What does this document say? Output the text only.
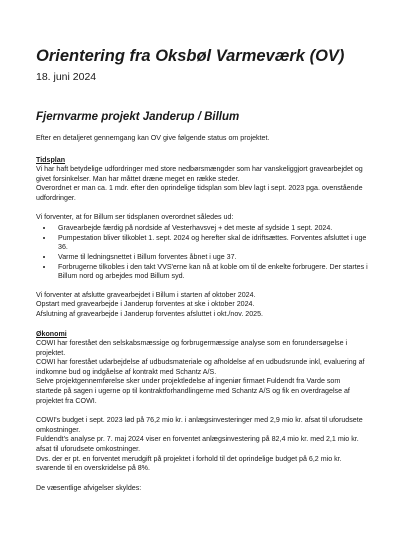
Orientering fra Oksbøl Varmeværk (OV)

18. juni 2024

Fjernvarme projekt Janderup / Billum

Efter en detaljeret gennemgang kan OV give følgende status om projektet.

Tidsplan

Vi har haft betydelige udfordringer med store nedbørsmængder som har vanskeliggjort gravearbejdet og

givet forsinkelser. Man har måttet dræne meget en række steder.

Overordnet er man ca. 1 mdr. efter den oprindelige tidsplan som blev lagt i sept. 2023 pga. ovenstående

udfordringer.

Vi forventer, at for Billum ser tidsplanen overordnet således ud:

• Gravearbejde færdig på nordside af Vesterhavsvej + det meste af sydside 1 sept. 2024.
• Pumpestation bliver tilkoblet 1. sept. 2024 og herefter skal de idriftsættes. Forventes afsluttet i uge 36.
• Varme til ledningsnettet i Billum forventes åbnet i uge 37.
• Forbrugerne tilkobles i den takt VVS'erne kan nå at koble om til de enkelte forbrugere. Der startes i Billum nord og arbejdes mod Billum syd.

Vi forventer at afslutte gravearbejdet i Billum i starten af oktober 2024.

Opstart med gravearbejde i Janderup forventes at ske i oktober 2024.

Afslutning af gravearbejde i Janderup forventes afsluttet i okt./nov. 2025.

Økonomi

COWI har forestået den selskabsmæssige og forbrugermæssige analyse som en forundersøgelse i

projektet.

COWI har forestået udarbejdelse af udbudsmateriale og afholdelse af en udbudsrunde inkl, evaluering af

indkomne bud og indgåelse af kontrakt med Schantz A/S.

Selve projektgennemførelse sker under projektledelse af ingeniør firmaet Fuldendt fra Varde som

startede på sagen i ugerne op til kontraktforhandlingerne med Schantz A/S og fik en overdragelse af

projektet fra COWI.

COWI's budget i sept. 2023 lød på 76,2 mio kr. i anlægsinvesteringer med 2,9 mio kr. afsat til uforudsete

omkostninger.

Fuldendt's analyse pr. 7. maj 2024 viser en forventet anlægsinvestering på 82,4 mio kr. med 2,1 mio kr.

afsat til uforudsete omkostninger.

Dvs. der er pt. en forventet merudgift på projektet i forhold til det oprindelige budget på 6,2 mio kr.

svarende til en overskridelse på 8%.

De væsentlige afvigelser skyldes:
